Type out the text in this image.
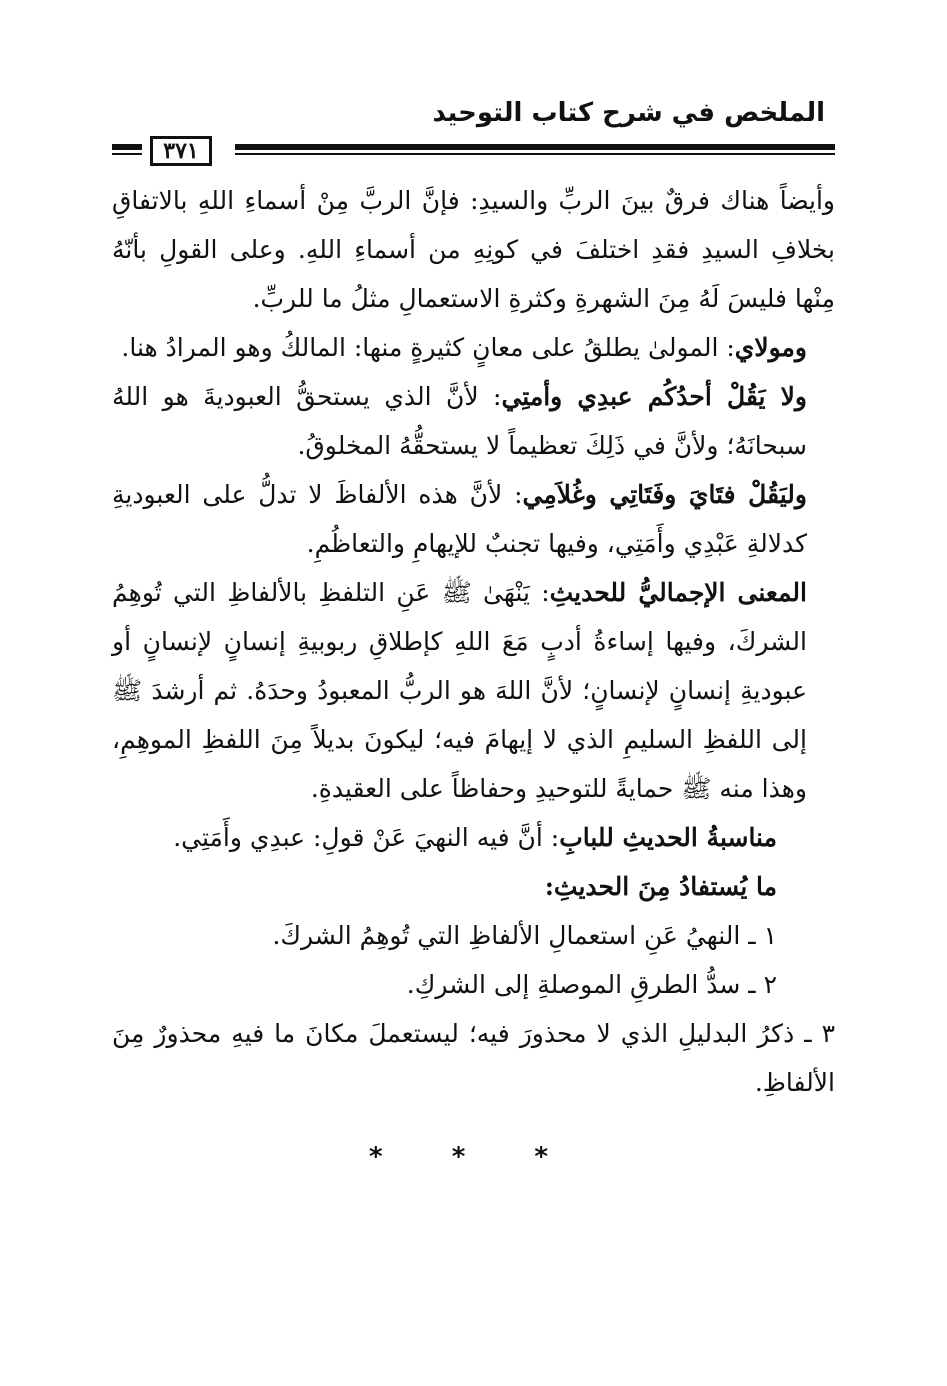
الملخص في شرح كتاب التوحيد
٣٧١

وأيضاً هناك فرقٌ بينَ الربِّ والسيدِ: فإنَّ الربَّ مِنْ أسماءِ اللهِ بالاتفاقِ بخلافِ السيدِ فقدِ اختلفَ في كونِهِ من أسماءِ اللهِ. وعلى القولِ بأنّهُ مِنْها فليسَ لَهُ مِنَ الشهرةِ وكثرةِ الاستعمالِ مثلُ ما للربِّ.

ومولاي: المولىٰ يطلقُ على معانٍ كثيرةٍ منها: المالكُ وهو المرادُ هنا.

ولا يَقُلْ أحدُكُم عبدِي وأمتِي: لأنَّ الذي يستحقُّ العبوديةَ هو اللهُ سبحانَهُ؛ ولأنَّ في ذَلِكَ تعظيماً لا يستحقُّهُ المخلوقُ.

وليَقُلْ فتَايَ وفَتَاتِي وغُلاَمِي: لأنَّ هذه الألفاظَ لا تدلُّ على العبوديةِ كدلالةِ عَبْدِي وأَمَتِي، وفيها تجنبٌ للإيهامِ والتعاظُمِ.

المعنى الإجماليُّ للحديثِ: يَنْهَىٰ ﷺ عَنِ التلفظِ بالألفاظِ التي تُوهِمُ الشركَ، وفيها إساءةُ أدبٍ مَعَ اللهِ كإطلاقِ ربوبيةِ إنسانٍ لإنسانٍ أو عبوديةِ إنسانٍ لإنسانٍ؛ لأنَّ اللهَ هو الربُّ المعبودُ وحدَهُ. ثم أرشدَ ﷺ إلى اللفظِ السليمِ الذي لا إيهامَ فيه؛ ليكونَ بديلاً مِنَ اللفظِ الموهِمِ، وهذا منه ﷺ حمايةً للتوحيدِ وحفاظاً على العقيدةِ.

مناسبةُ الحديثِ للبابِ: أنَّ فيه النهيَ عَنْ قولِ: عبدِي وأَمَتِي.

ما يُستفادُ مِنَ الحديثِ:

١ ـ النهيُ عَنِ استعمالِ الألفاظِ التي تُوهِمُ الشركَ.

٢ ـ سدُّ الطرقِ الموصلةِ إلى الشركِ.

٣ ـ ذكرُ البدليلِ الذي لا محذورَ فيه؛ ليستعملَ مكانَ ما فيهِ محذورٌ مِنَ الألفاظِ.

* * *
